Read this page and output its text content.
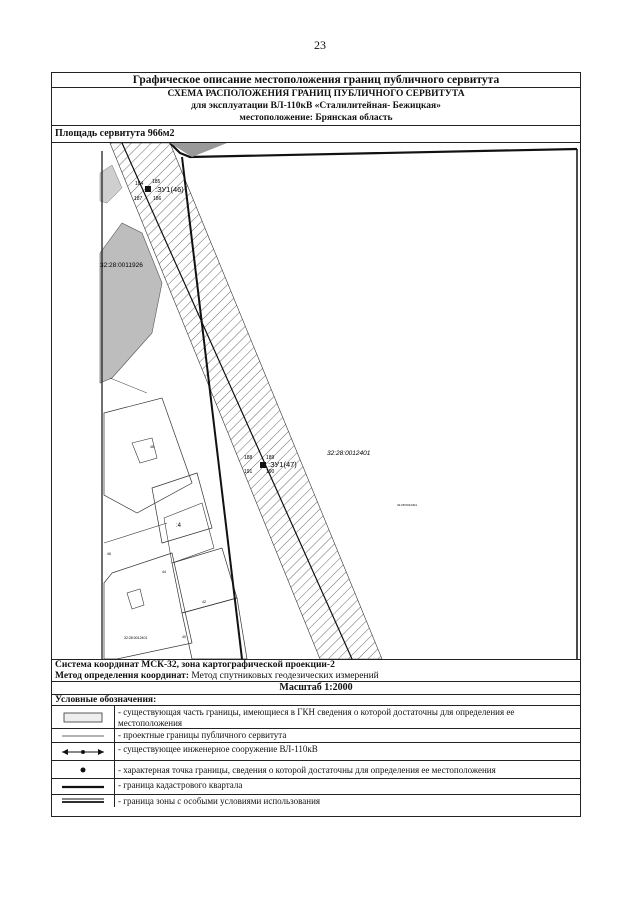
23
Графическое описание местоположения границ публичного сервитута
СХЕМА РАСПОЛОЖЕНИЯ ГРАНИЦ ПУБЛИЧНОГО СЕРВИТУТА
для эксплуатации ВЛ-110кВ «Сталилитейная- Бежицкая»
местоположение: Брянская область
Площадь сервитута 966м2
184 185
187 186
:ЗУ1(46)
188	189
191	190
:ЗУ1(47)
32:28:0011926
32:28:0012401
32:28:0012401
:4
48
46
44
42
40
32:28:0012401
Система координат МСК-32, зона картографической проекции-2
Метод определения координат: Метод спутниковых геодезических измерений
Масштаб 1:2000
Условные обозначения:
- существующая часть границы, имеющиеся в ГКН сведения о которой достаточны для определения ее местоположения
- проектные границы публичного сервитута
- существующее инженерное сооружение ВЛ-110кВ
- характерная точка границы, сведения о которой достаточны для определения ее местоположения
- граница кадастрового квартала
- граница зоны с особыми условиями использования
